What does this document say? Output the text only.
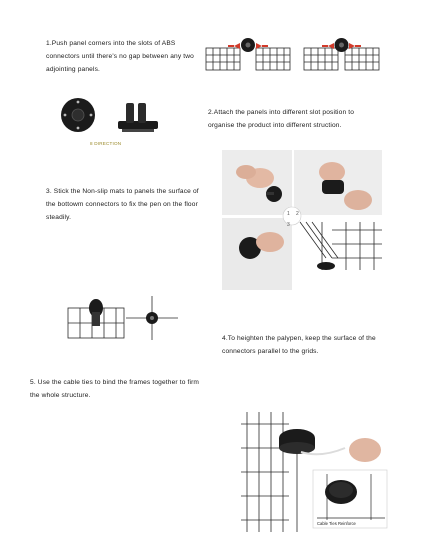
1.Push panel corners into the slots of ABS connectors until there's no gap between any two adjointing panels.
8 DIRECTION
2.Attach the panels into different slot position to organise the product into different struction.
3. Stick the Non-slip mats to panels the surface of the bottowm connectors to fix the pen on the floor steadily.	1 2
3
4.To heighten the palypen, keep the surface of the connectors parallel to the grids.
5. Use the cable ties to bind the frames together to firm the whole structure.
Cable Ties Reinforce
